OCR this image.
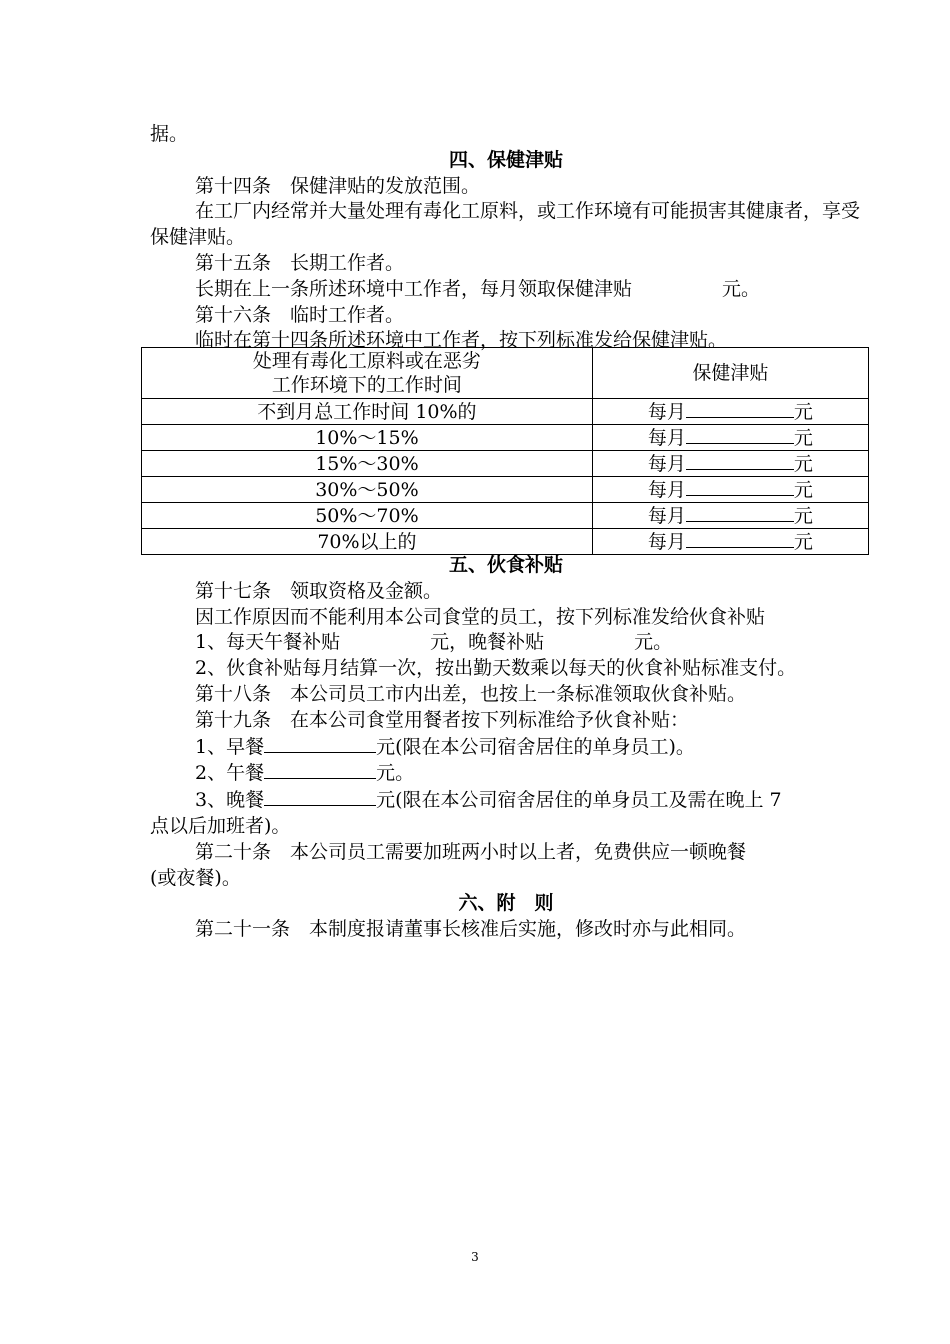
据。

四、保健津贴

第十四条　保健津贴的发放范围。

在工厂内经常并大量处理有毒化工原料，或工作环境有可能损害其健康者，享受保健津贴。

第十五条　长期工作者。

长期在上一条所述环境中工作者，每月领取保健津贴	元。

第十六条　临时工作者。

临时在第十四条所述环境中工作者，按下列标准发给保健津贴。

处理有毒化工原料或在恶劣
工作环境下的工作时间	保健津贴
不到月总工作时间 10%的	每月 元
10%～15%	每月 元
15%～30%	每月 元
30%～50%	每月 元
50%～70%	每月 元
70%以上的	每月 元

五、伙食补贴

第十七条　领取资格及金额。

因工作原因而不能利用本公司食堂的员工，按下列标准发给伙食补贴

1、每天午餐补贴	元，晚餐补贴	元。

2、伙食补贴每月结算一次，按出勤天数乘以每天的伙食补贴标准支付。

第十八条　本公司员工市内出差，也按上一条标准领取伙食补贴。

第十九条　在本公司食堂用餐者按下列标准给予伙食补贴：

1、早餐	元(限在本公司宿舍居住的单身员工)。

2、午餐	元。

3、晚餐	元(限在本公司宿舍居住的单身员工及需在晚上 7

点以后加班者)。

第二十条　本公司员工需要加班两小时以上者，免费供应一顿晚餐

(或夜餐)。

六、附　则

第二十一条　本制度报请董事长核准后实施，修改时亦与此相同。

3
